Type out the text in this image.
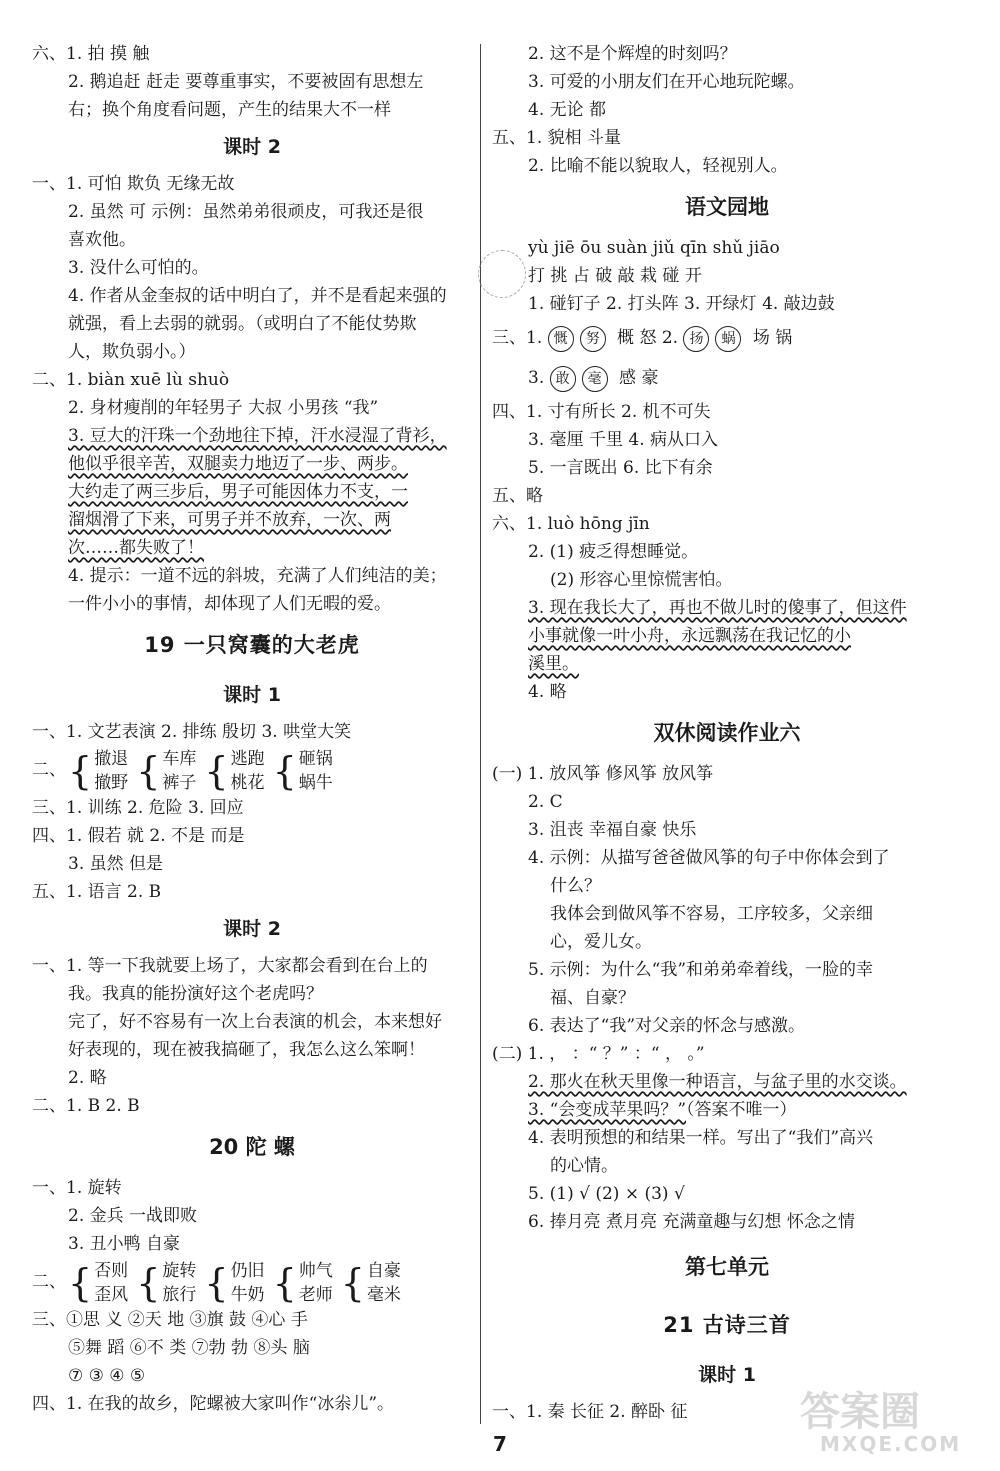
六、1. 拍 摸 触
2. 鹅追赶 赶走 要尊重事实，不要被固有思想左
右；换个角度看问题，产生的结果大不一样
课时 2
一、1. 可怕 欺负 无缘无故
2. 虽然 可 示例：虽然弟弟很顽皮，可我还是很
喜欢他。
3. 没什么可怕的。
4. 作者从金奎叔的话中明白了，并不是看起来强的
就强，看上去弱的就弱。（或明白了不能仗势欺
人，欺负弱小。）
二、1. biàn xuē lù shuò
2. 身材瘦削的年轻男子 大叔 小男孩 “我”
3. 豆大的汗珠一个劲地往下掉，汗水浸湿了背衫，
他似乎很辛苦，双腿卖力地迈了一步、两步。
大约走了两三步后，男子可能因体力不支，一
溜烟滑了下来，可男子并不放弃，一次、两
次……都失败了！
4. 提示：一道不远的斜坡，充满了人们纯洁的美；
一件小小的事情，却体现了人们无暇的爱。
19 一只窝囊的大老虎
课时 1
一、1. 文艺表演 2. 排练 殷切 3. 哄堂大笑
二、{ 撤退
撤野 { 车库
裤子 { 逃跑
桃花 { 砸锅
蜗牛
三、1. 训练 2. 危险 3. 回应
四、1. 假若 就 2. 不是 而是
3. 虽然 但是
五、1. 语言 2. B
课时 2
一、1. 等一下我就要上场了，大家都会看到在台上的
我。我真的能扮演好这个老虎吗？
完了，好不容易有一次上台表演的机会，本来想好
好表现的，现在被我搞砸了，我怎么这么笨啊！
2. 略
二、1. B 2. B
20 陀 螺
一、1. 旋转
2. 金兵 一战即败
3. 丑小鸭 自豪
二、{ 否则
歪风 { 旋转
旅行 { 仍旧
牛奶 { 帅气
老师 { 自豪
毫米
三、①思 义 ②天 地 ③旗 鼓 ④心 手
⑤舞 蹈 ⑥不 类 ⑦勃 勃 ⑧头 脑
⑦ ③ ④ ⑤
四、1. 在我的故乡，陀螺被大家叫作“冰尜儿”。
2. 这不是个辉煌的时刻吗？
3. 可爱的小朋友们在开心地玩陀螺。
4. 无论 都
五、1. 貌相 斗量
2. 比喻不能以貌取人，轻视别人。
语文园地
yù jiē ōu suàn jiǔ qīn shǔ jiāo
打 挑 占 破 敲 栽 碰 开
1. 碰钉子 2. 打头阵 3. 开绿灯 4. 敲边鼓
三、1. 慨 努 概 怒 2. 扬 蜗 场 锅
3. 敢 毫 感 豪
四、1. 寸有所长 2. 机不可失
3. 毫厘 千里 4. 病从口入
5. 一言既出 6. 比下有余
五、略
六、1. luò hōng jīn
2. (1) 疲乏得想睡觉。
(2) 形容心里惊慌害怕。
3. 现在我长大了，再也不做儿时的傻事了，但这件
小事就像一叶小舟，永远飘荡在我记忆的小
溪里。
4. 略
双休阅读作业六
(一) 1. 放风筝 修风筝 放风筝
2. C
3. 沮丧 幸福自豪 快乐
4. 示例：从描写爸爸做风筝的句子中你体会到了
什么？
我体会到做风筝不容易，工序较多，父亲细
心，爱儿女。
5. 示例：为什么“我”和弟弟牵着线，一脸的幸
福、自豪？
6. 表达了“我”对父亲的怀念与感激。
(二) 1. ， ：“ ？” ：“ ， 。”
2. 那火在秋天里像一种语言，与盆子里的水交谈。
3. “会变成苹果吗？”（答案不唯一）
4. 表明预想的和结果一样。写出了“我们”高兴
的心情。
5. (1) √ (2) × (3) √
6. 捧月亮 煮月亮 充满童趣与幻想 怀念之情
第七单元
21 古诗三首
课时 1
一、1. 秦 长征 2. 醉卧 征	答案圈
MXQE.COM
7
